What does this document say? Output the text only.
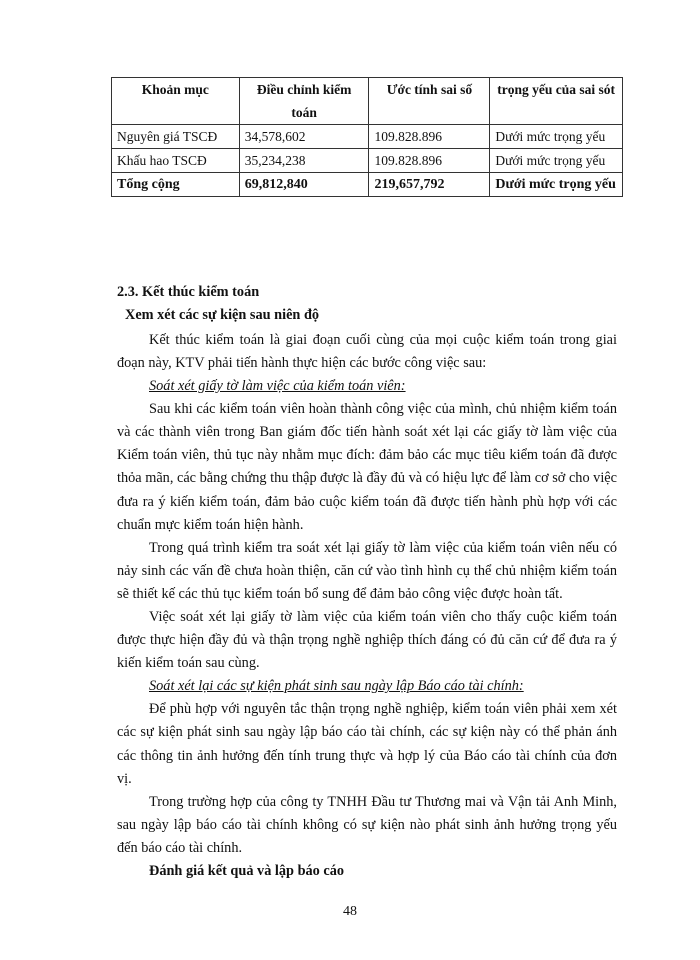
Khoản mục	Điều chỉnh kiểm toán	Ước tính sai số	trọng yếu của sai sót
Nguyên giá TSCĐ	34,578,602	109.828.896	Dưới mức trọng yếu
Khấu hao TSCĐ	35,234,238	109.828.896	Dưới mức trọng yếu
Tổng cộng	69,812,840	219,657,792	Dưới mức trọng yếu
2.3. Kết thúc kiểm toán
Xem xét các sự kiện sau niên độ

Kết thúc kiểm toán là giai đoạn cuối cùng của mọi cuộc kiểm toán trong giai đoạn này, KTV phải tiến hành thực hiện các bước công việc sau:

Soát xét giấy tờ làm việc của kiểm toán viên:

Sau khi các kiểm toán viên hoàn thành công việc của mình, chủ nhiệm kiểm toán và các thành viên trong Ban giám đốc tiến hành soát xét lại các giấy tờ làm việc của Kiểm toán viên, thủ tục này nhằm mục đích: đảm bảo các mục tiêu kiểm toán đã được thỏa mãn, các bằng chứng thu thập được là đầy đủ và có hiệu lực để làm cơ sở cho việc đưa ra ý kiến kiểm toán, đảm bảo cuộc kiểm toán đã được tiến hành phù hợp với các chuẩn mực kiểm toán hiện hành.

Trong quá trình kiểm tra soát xét lại giấy tờ làm việc của kiểm toán viên nếu có nảy sinh các vấn đề chưa hoàn thiện, căn cứ vào tình hình cụ thể chủ nhiệm kiểm toán sẽ thiết kế các thủ tục kiểm toán bổ sung để đảm bảo công việc được hoàn tất.

Việc soát xét lại giấy tờ làm việc của kiểm toán viên cho thấy cuộc kiểm toán được thực hiện đầy đủ và thận trọng nghề nghiệp thích đáng có đủ căn cứ để đưa ra ý kiến kiểm toán sau cùng.

Soát xét lại các sự kiện phát sinh sau ngày lập Báo cáo tài chính:

Để phù hợp với nguyên tắc thận trọng nghề nghiệp, kiểm toán viên phải xem xét các sự kiện phát sinh sau ngày lập báo cáo tài chính, các sự kiện này có thể phản ánh các thông tin ảnh hưởng đến tính trung thực và hợp lý của Báo cáo tài chính của đơn vị.

Trong trường hợp của công ty TNHH Đầu tư Thương mai và Vận tải Anh Minh, sau ngày lập báo cáo tài chính không có sự kiện nào phát sinh ảnh hưởng trọng yếu đến báo cáo tài chính.

Đánh giá kết quả và lập báo cáo
48
